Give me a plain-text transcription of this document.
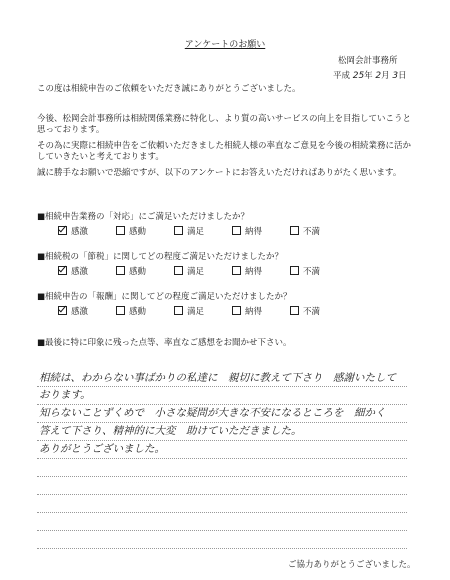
アンケートのお願い
松岡会計事務所
平成 25年 2月 3日
この度は相続申告のご依頼をいただき誠にありがとうございました。
今後、松岡会計事務所は相続関係業務に特化し、より質の高いサービスの向上を目指していこうと思っております。
その為に実際に相続申告をご依頼いただきました相続人様の率直なご意見を今後の相続業務に活かしていきたいと考えております。
誠に勝手なお願いで恐縮ですが、以下のアンケートにお答えいただければありがたく思います。
■相続申告業務の「対応」にご満足いただけましたか？
感激	感動	満足	納得	不満
■相続税の「節税」に関してどの程度ご満足いただけましたか？
感激	感動	満足	納得	不満
■相続申告の「報酬」に関してどの程度ご満足いただけましたか？
感激	感動	満足	納得	不満
■最後に特に印象に残った点等、率直なご感想をお聞かせ下さい。
相続は、わからない事ばかりの私達に　親切に教えて下さり　感謝いたして
おります。
知らないことずくめで　小さな疑問が大きな不安になるところを　細かく
答えて下さり、精神的に大変　助けていただきました。
ありがとうございました。
ご協力ありがとうございました。
